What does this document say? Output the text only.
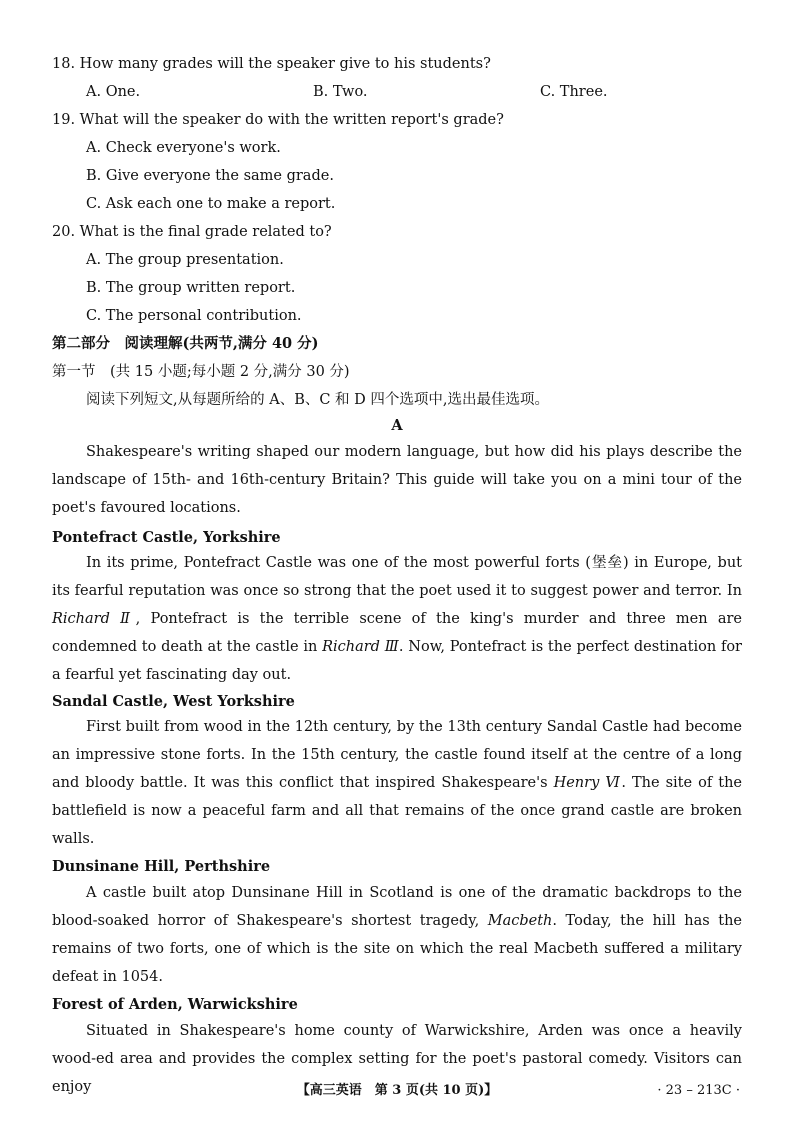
18. How many grades will the speaker give to his students?
A. One.	B. Two.	C. Three.
19. What will the speaker do with the written report's grade?
A. Check everyone's work.
B. Give everyone the same grade.
C. Ask each one to make a report.
20. What is the final grade related to?
A. The group presentation.
B. The group written report.
C. The personal contribution.
第二部分　阅读理解(共两节,满分 40 分)
第一节　(共 15 小题;每小题 2 分,满分 30 分)
阅读下列短文,从每题所给的 A、B、C 和 D 四个选项中,选出最佳选项。
A
Shakespeare's writing shaped our modern language, but how did his plays describe the landscape of 15th- and 16th-century Britain? This guide will take you on a mini tour of the poet's favoured locations.
Pontefract Castle, Yorkshire
In its prime, Pontefract Castle was one of the most powerful forts (堡垒) in Europe, but its fearful reputation was once so strong that the poet used it to suggest power and terror. In Richard Ⅱ, Pontefract is the terrible scene of the king's murder and three men are condemned to death at the castle in Richard Ⅲ. Now, Pontefract is the perfect destination for a fearful yet fascinating day out.
Sandal Castle, West Yorkshire
First built from wood in the 12th century, by the 13th century Sandal Castle had become an impressive stone forts. In the 15th century, the castle found itself at the centre of a long and bloody battle. It was this conflict that inspired Shakespeare's Henry Ⅵ. The site of the battlefield is now a peaceful farm and all that remains of the once grand castle are broken walls.
Dunsinane Hill, Perthshire
A castle built atop Dunsinane Hill in Scotland is one of the dramatic backdrops to the blood-soaked horror of Shakespeare's shortest tragedy, Macbeth. Today, the hill has the remains of two forts, one of which is the site on which the real Macbeth suffered a military defeat in 1054.
Forest of Arden, Warwickshire
Situated in Shakespeare's home county of Warwickshire, Arden was once a heavily wood-ed area and provides the complex setting for the poet's pastoral comedy. Visitors can enjoy	【高三英语　第 3 页(共 10 页)】	· 23 – 213C ·
